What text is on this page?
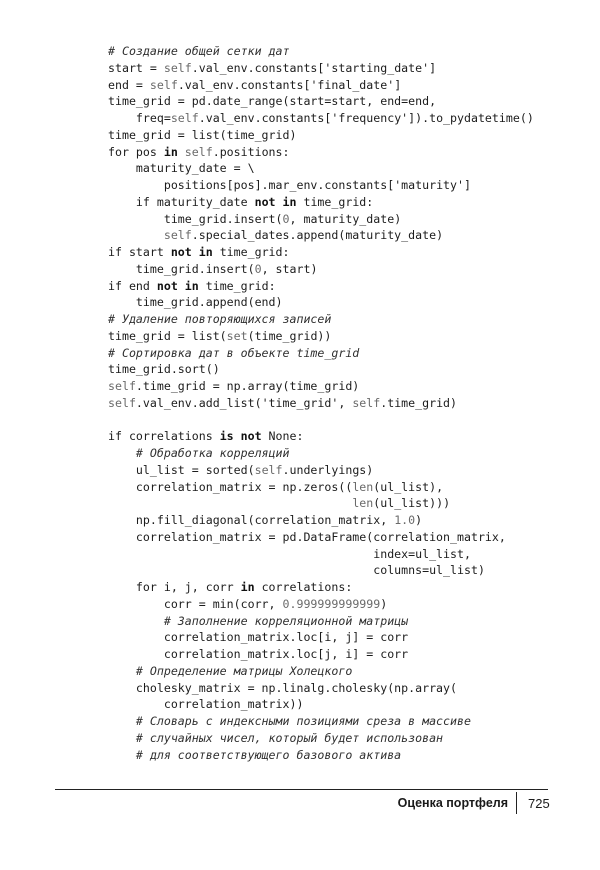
# Создание общей сетки дат
start = self.val_env.constants['starting_date']
end = self.val_env.constants['final_date']
time_grid = pd.date_range(start=start, end=end,
freq=self.val_env.constants['frequency']).to_pydatetime()
time_grid = list(time_grid)
for pos in self.positions:
maturity_date = \
positions[pos].mar_env.constants['maturity']
if maturity_date not in time_grid:
time_grid.insert(0, maturity_date)
self.special_dates.append(maturity_date)
if start not in time_grid:
time_grid.insert(0, start)
if end not in time_grid:
time_grid.append(end)
# Удаление повторяющихся записей
time_grid = list(set(time_grid))
# Сортировка дат в объекте time_grid
time_grid.sort()
self.time_grid = np.array(time_grid)
self.val_env.add_list('time_grid', self.time_grid)
if correlations is not None:
# Обработка корреляций
ul_list = sorted(self.underlyings)
correlation_matrix = np.zeros((len(ul_list),
len(ul_list)))
np.fill_diagonal(correlation_matrix, 1.0)
correlation_matrix = pd.DataFrame(correlation_matrix,
index=ul_list,
columns=ul_list)
for i, j, corr in correlations:
corr = min(corr, 0.999999999999)
# Заполнение корреляционной матрицы
correlation_matrix.loc[i, j] = corr
correlation_matrix.loc[j, i] = corr
# Определение матрицы Холецкого
cholesky_matrix = np.linalg.cholesky(np.array(
correlation_matrix))
# Словарь с индексными позициями среза в массиве
# случайных чисел, который будет использован
# для соответствующего базового актива
Оценка портфеля 725
